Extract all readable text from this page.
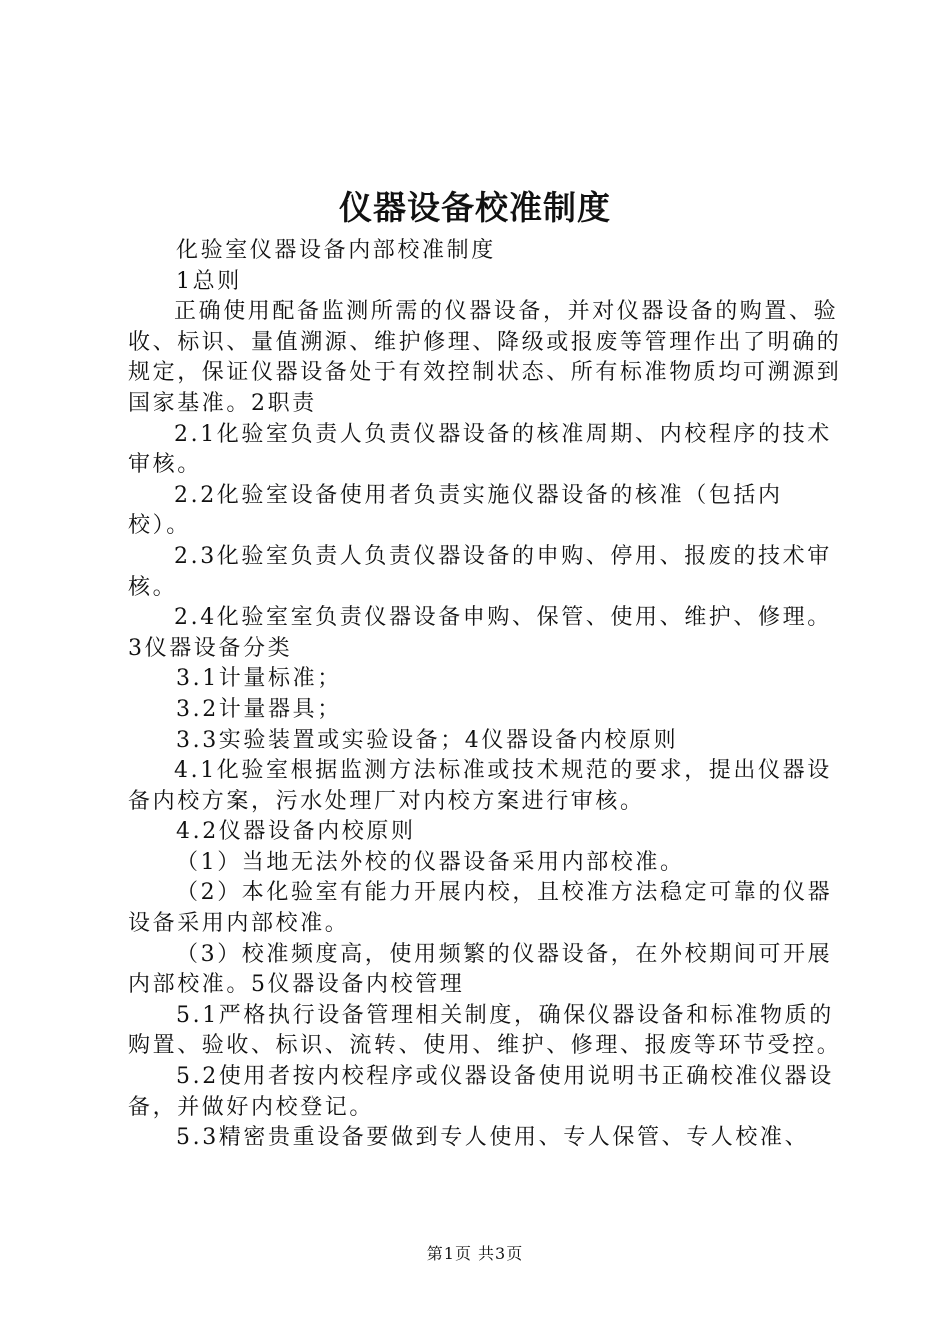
仪器设备校准制度

化验室仪器设备内部校准制度

1总则

正确使用配备监测所需的仪器设备，并对仪器设备的购置、验收、标识、量值溯源、维护修理、降级或报废等管理作出了明确的规定，保证仪器设备处于有效控制状态、所有标准物质均可溯源到国家基准。2职责

2.1化验室负责人负责仪器设备的核准周期、内校程序的技术审核。

2.2化验室设备使用者负责实施仪器设备的核准（包括内校）。

2.3化验室负责人负责仪器设备的申购、停用、报废的技术审核。

2.4化验室室负责仪器设备申购、保管、使用、维护、修理。3仪器设备分类

3.1计量标准；

3.2计量器具；

3.3实验装置或实验设备；4仪器设备内校原则

4.1化验室根据监测方法标准或技术规范的要求，提出仪器设备内校方案，污水处理厂对内校方案进行审核。

4.2仪器设备内校原则

（1）当地无法外校的仪器设备采用内部校准。

（2）本化验室有能力开展内校，且校准方法稳定可靠的仪器设备采用内部校准。

（3）校准频度高，使用频繁的仪器设备，在外校期间可开展内部校准。5仪器设备内校管理

5.1严格执行设备管理相关制度，确保仪器设备和标准物质的购置、验收、标识、流转、使用、维护、修理、报废等环节受控。

5.2使用者按内校程序或仪器设备使用说明书正确校准仪器设备，并做好内校登记。

5.3精密贵重设备要做到专人使用、专人保管、专人校准、

第1页 共3页
